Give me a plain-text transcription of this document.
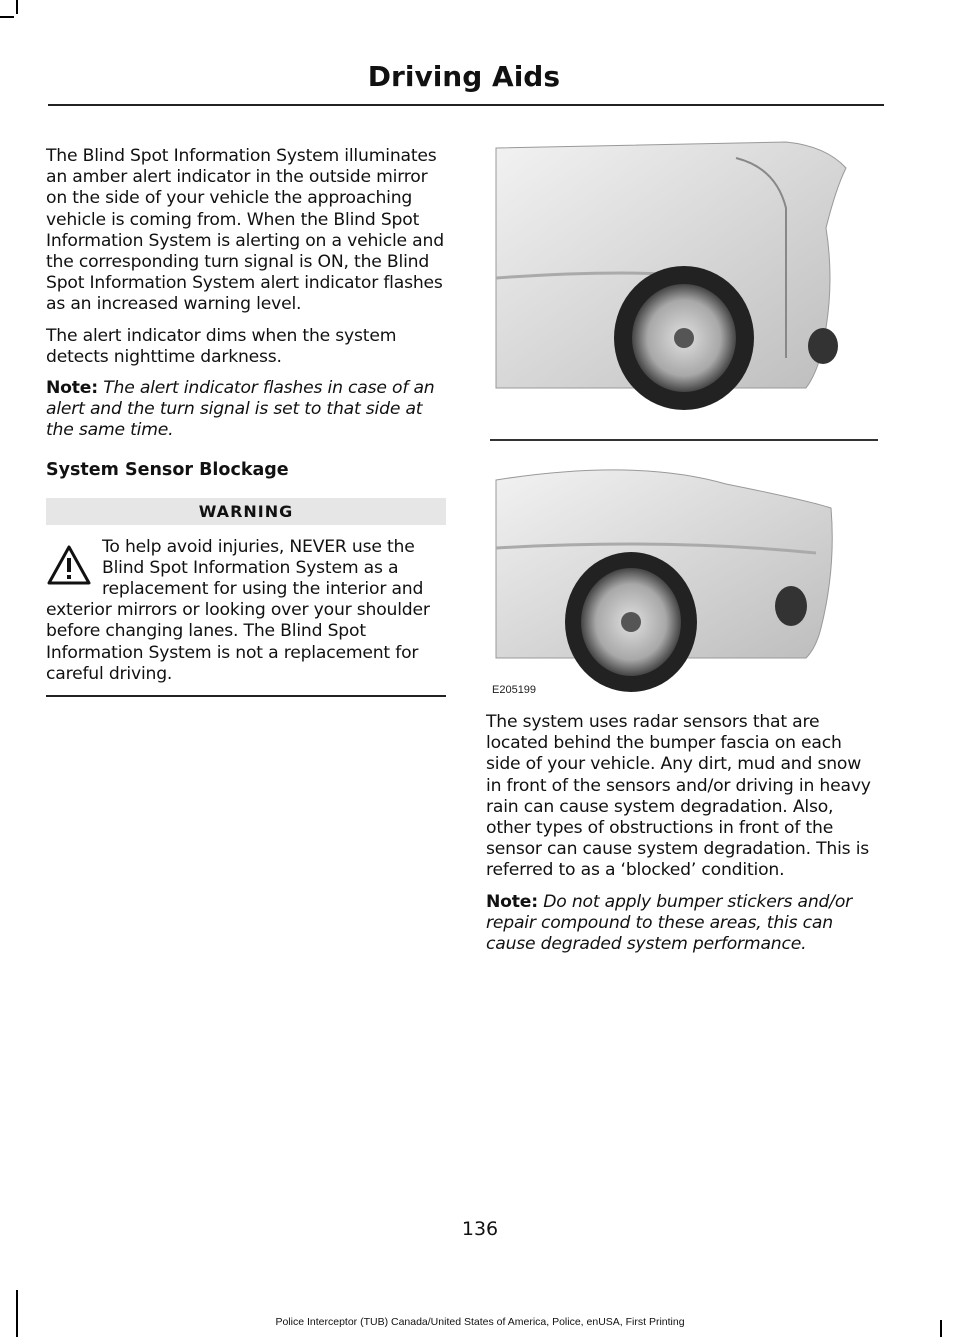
Driving Aids

The Blind Spot Information System illuminates an amber alert indicator in the outside mirror on the side of your vehicle the approaching vehicle is coming from. When the Blind Spot Information System is alerting on a vehicle and the corresponding turn signal is ON, the Blind Spot Information System alert indicator flashes as an increased warning level.

The alert indicator dims when the system detects nighttime darkness.

Note: The alert indicator flashes in case of an alert and the turn signal is set to that side at the same time.

System Sensor Blockage
WARNING
To help avoid injuries, NEVER use the Blind Spot Information System as a replacement for using the interior and exterior mirrors or looking over your shoulder before changing lanes. The Blind Spot Information System is not a replacement for careful driving.
E205199

The system uses radar sensors that are located behind the bumper fascia on each side of your vehicle. Any dirt, mud and snow in front of the sensors and/or driving in heavy rain can cause system degradation. Also, other types of obstructions in front of the sensor can cause system degradation. This is referred to as a ‘blocked’ condition.

Note: Do not apply bumper stickers and/or repair compound to these areas, this can cause degraded system performance.

136
Police Interceptor (TUB) Canada/United States of America, Police, enUSA, First Printing
